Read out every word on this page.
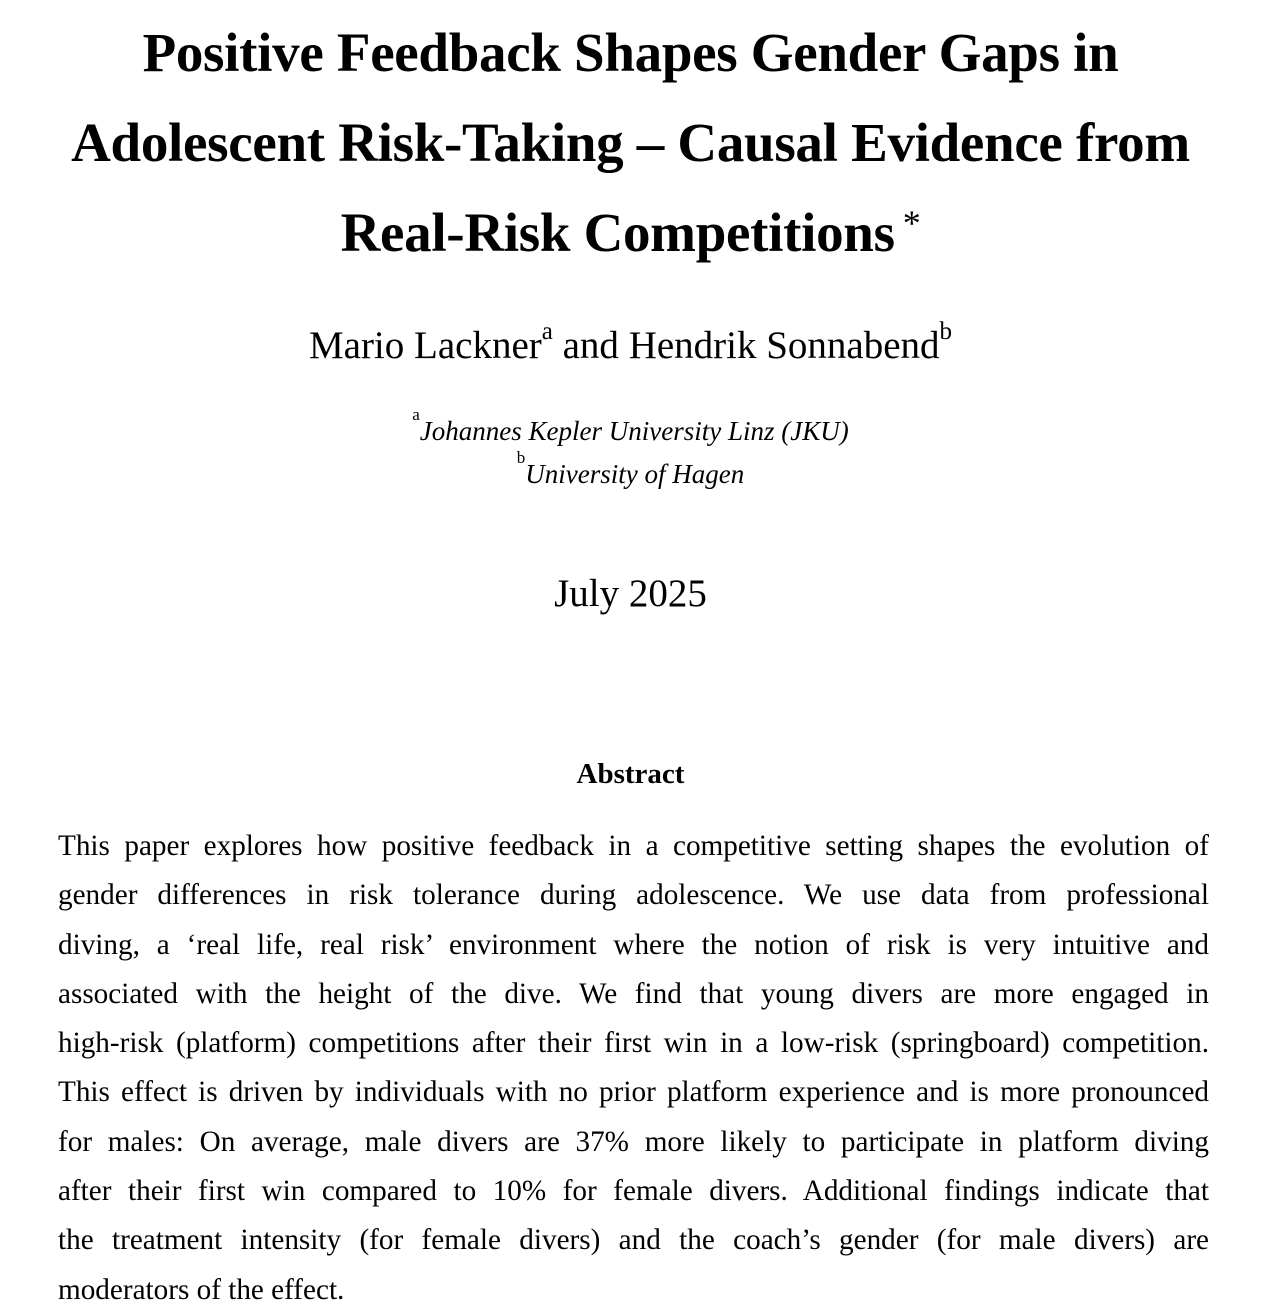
Positive Feedback Shapes Gender Gaps in
Adolescent Risk-Taking – Causal Evidence from
Real-Risk Competitions *
Mario Lackner$^a$ and Hendrik Sonnabend$^b$
$^a$Johannes Kepler University Linz (JKU)
$^b$University of Hagen
July 2025
Abstract
This paper explores how positive feedback in a competitive setting shapes the evolution of
gender differences in risk tolerance during adolescence. We use data from professional
diving, a ‘real life, real risk’ environment where the notion of risk is very intuitive and
associated with the height of the dive. We find that young divers are more engaged in
high-risk (platform) competitions after their first win in a low-risk (springboard) competition.
This effect is driven by individuals with no prior platform experience and is more pronounced
for males: On average, male divers are 37% more likely to participate in platform diving
after their first win compared to 10% for female divers. Additional findings indicate that
the treatment intensity (for female divers) and the coach’s gender (for male divers) are
moderators of the effect.
